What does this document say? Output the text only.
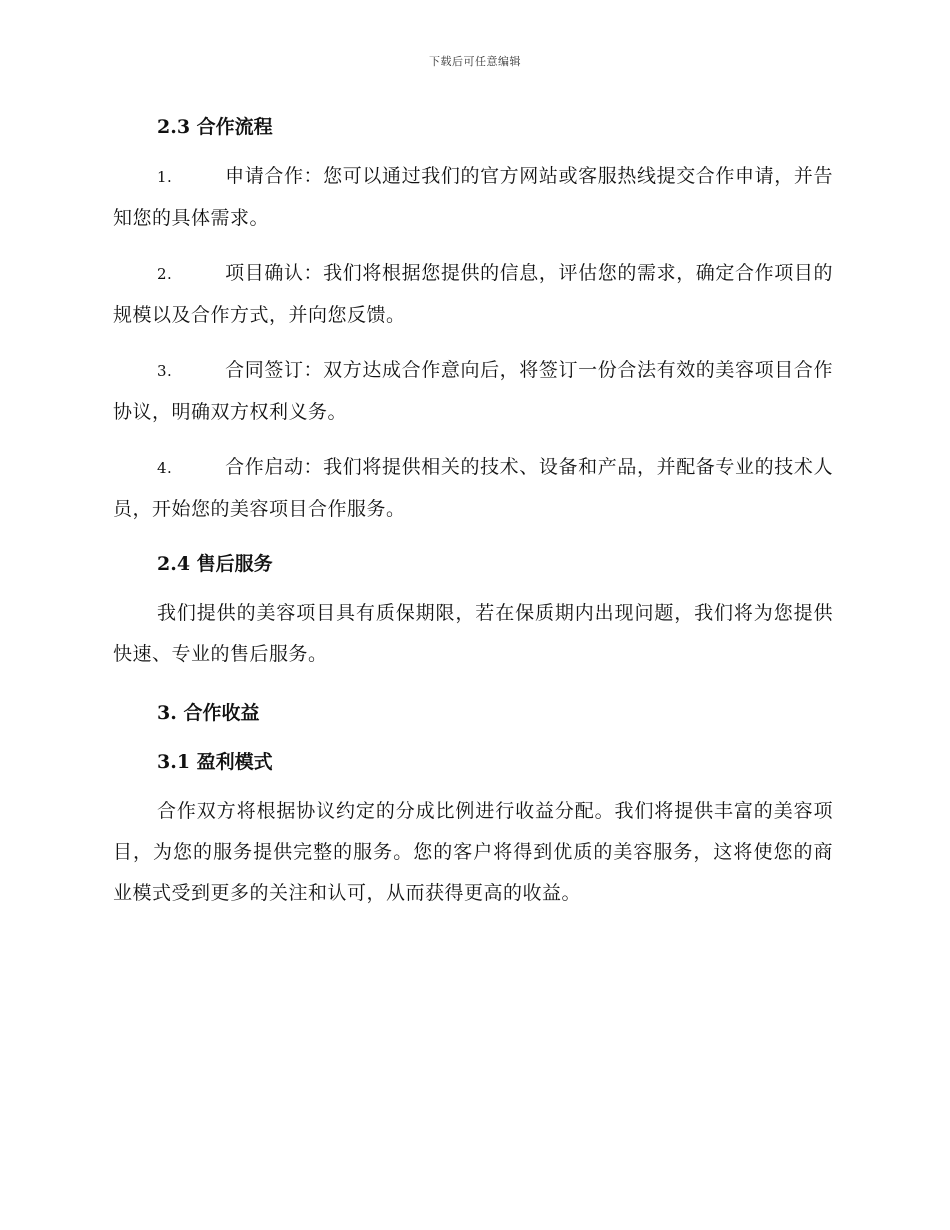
下载后可任意编辑
2.3 合作流程

1.	申请合作：您可以通过我们的官方网站或客服热线提交合作申请，并告知您的具体需求。

2.	项目确认：我们将根据您提供的信息，评估您的需求，确定合作项目的规模以及合作方式，并向您反馈。

3.	合同签订：双方达成合作意向后，将签订一份合法有效的美容项目合作协议，明确双方权利义务。

4.	合作启动：我们将提供相关的技术、设备和产品，并配备专业的技术人员，开始您的美容项目合作服务。

2.4 售后服务

我们提供的美容项目具有质保期限，若在保质期内出现问题，我们将为您提供快速、专业的售后服务。

3. 合作收益
3.1 盈利模式

合作双方将根据协议约定的分成比例进行收益分配。我们将提供丰富的美容项目，为您的服务提供完整的服务。您的客户将得到优质的美容服务，这将使您的商业模式受到更多的关注和认可，从而获得更高的收益。
